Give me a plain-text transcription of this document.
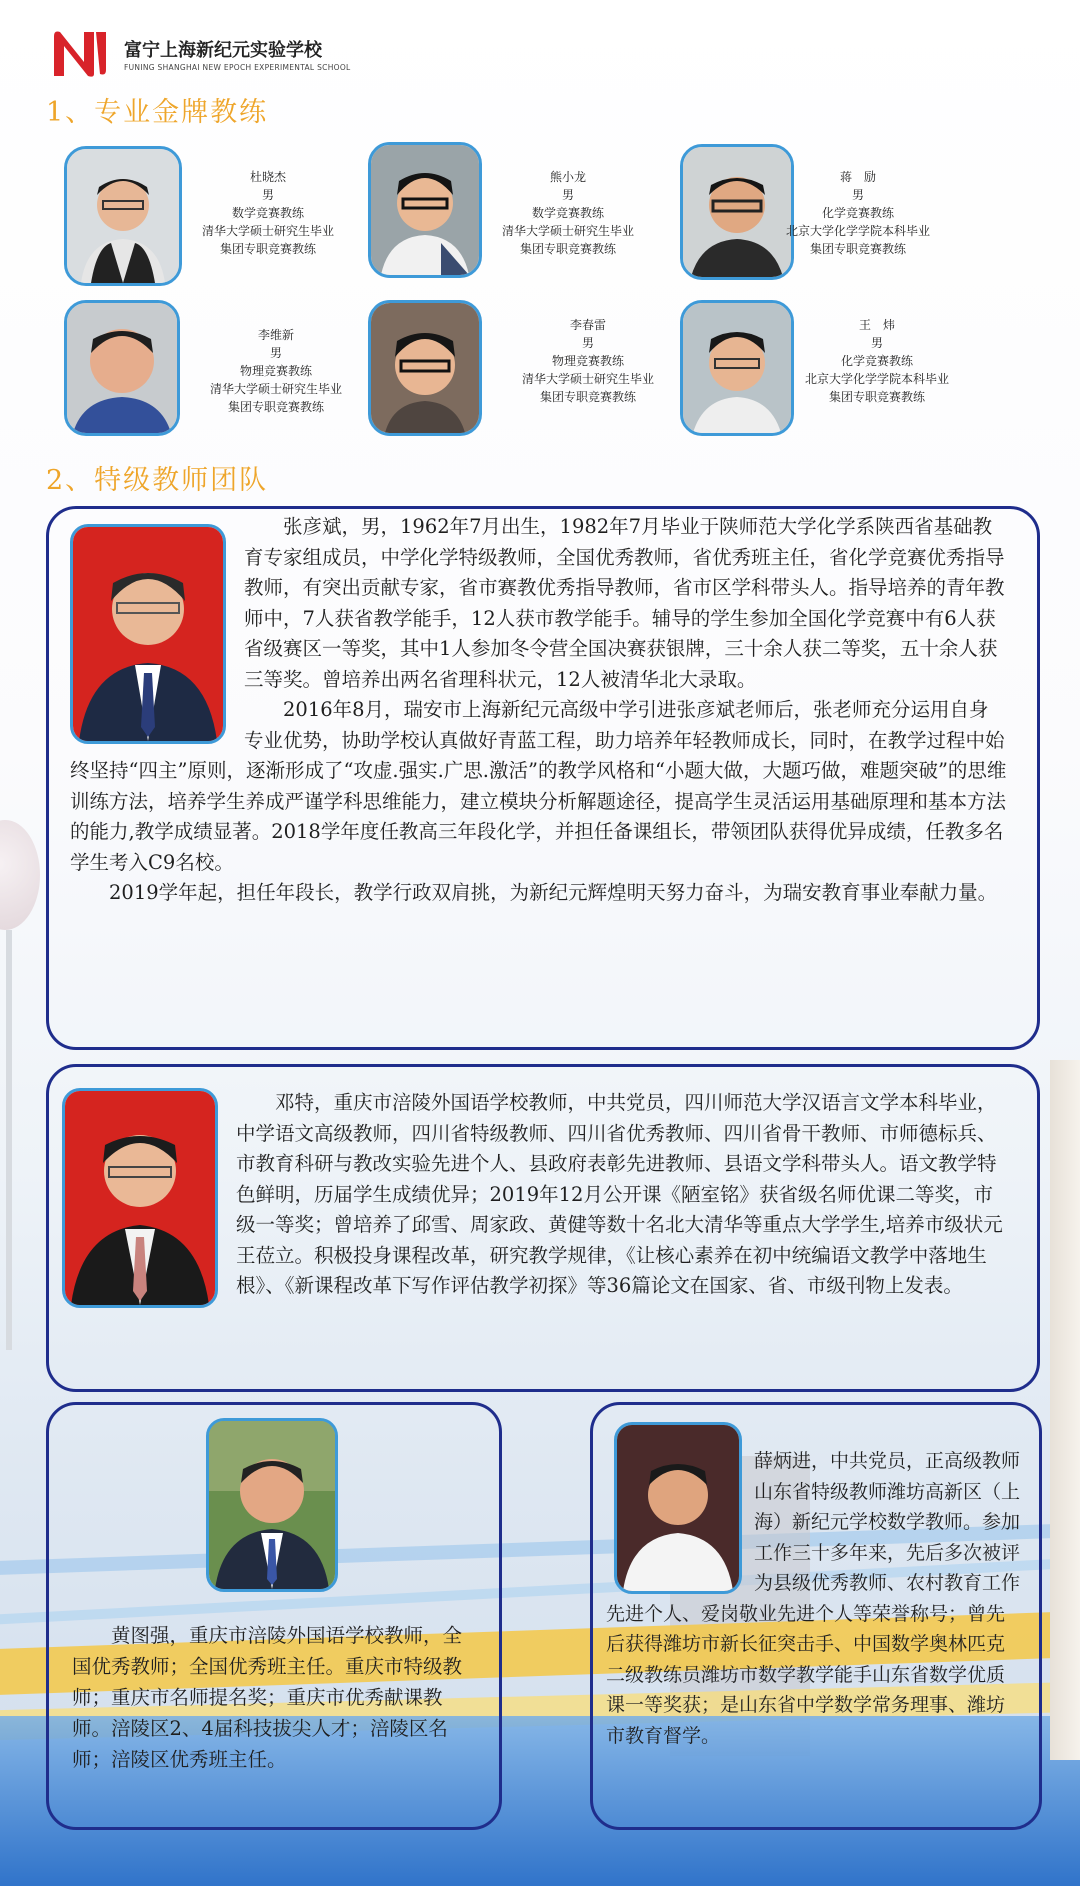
富宁上海新纪元实验学校
FUNING SHANGHAI NEW EPOCH EXPERIMENTAL SCHOOL
1、专业金牌教练
杜晓杰
男
数学竞赛教练
清华大学硕士研究生毕业
集团专职竞赛教练
熊小龙
男
数学竞赛教练
清华大学硕士研究生毕业
集团专职竞赛教练
蒋　励
男
化学竞赛教练
北京大学化学学院本科毕业
集团专职竞赛教练
李维新
男
物理竞赛教练
清华大学硕士研究生毕业
集团专职竞赛教练
李春雷
男
物理竞赛教练
清华大学硕士研究生毕业
集团专职竞赛教练
王　炜
男
化学竞赛教练
北京大学化学学院本科毕业
集团专职竞赛教练
2、特级教师团队

张彦斌，男，1962年7月出生，1982年7月毕业于陕师范大学化学系陕西省基础教育专家组成员，中学化学特级教师，全国优秀教师，省优秀班主任，省化学竞赛优秀指导教师，有突出贡献专家，省市赛教优秀指导教师，省市区学科带头人。指导培养的青年教师中，7人获省教学能手，12人获市教学能手。辅导的学生参加全国化学竞赛中有6人获省级赛区一等奖，其中1人参加冬令营全国决赛获银牌，三十余人获二等奖，五十余人获三等奖。曾培养出两名省理科状元，12人被清华北大录取。

2016年8月，瑞安市上海新纪元高级中学引进张彦斌老师后，张老师充分运用自身专业优势，协助学校认真做好青蓝工程，助力培养年轻教师成长，同时，在教学过程中始终坚持“四主”原则，逐渐形成了“攻虚.强实.广思.激活”的教学风格和“小题大做，大题巧做，难题突破”的思维训练方法，培养学生养成严谨学科思维能力，建立模块分析解题途径，提高学生灵活运用基础原理和基本方法的能力,教学成绩显著。2018学年度任教高三年段化学，并担任备课组长，带领团队获得优异成绩，任教多名学生考入C9名校。

2019学年起，担任年段长，教学行政双肩挑，为新纪元辉煌明天努力奋斗，为瑞安教育事业奉献力量。

邓特，重庆市涪陵外国语学校教师，中共党员，四川师范大学汉语言文学本科毕业，中学语文高级教师，四川省特级教师、四川省优秀教师、四川省骨干教师、市师德标兵、市教育科研与教改实验先进个人、县政府表彰先进教师、县语文学科带头人。语文教学特色鲜明，历届学生成绩优异；2019年12月公开课《陋室铭》获省级名师优课二等奖，市级一等奖；曾培养了邱雪、周家政、黄健等数十名北大清华等重点大学学生,培养市级状元王莅立。积极投身课程改革，研究教学规律，《让核心素养在初中统编语文教学中落地生根》、《新课程改革下写作评估教学初探》等36篇论文在国家、省、市级刊物上发表。

黄图强，重庆市涪陵外国语学校教师，全国优秀教师；全国优秀班主任。重庆市特级教师；重庆市名师提名奖；重庆市优秀献课教师。涪陵区2、4届科技拔尖人才；涪陵区名师；涪陵区优秀班主任。

薛炳进，中共党员，正高级教师山东省特级教师潍坊高新区（上海）新纪元学校数学教师。参加工作三十多年来，先后多次被评为县级优秀教师、农村教育工作先进个人、爱岗敬业先进个人等荣誉称号；曾先后获得潍坊市新长征突击手、中国数学奥林匹克二级教练员潍坊市数学教学能手山东省数学优质课一等奖获；是山东省中学数学常务理事、潍坊市教育督学。
